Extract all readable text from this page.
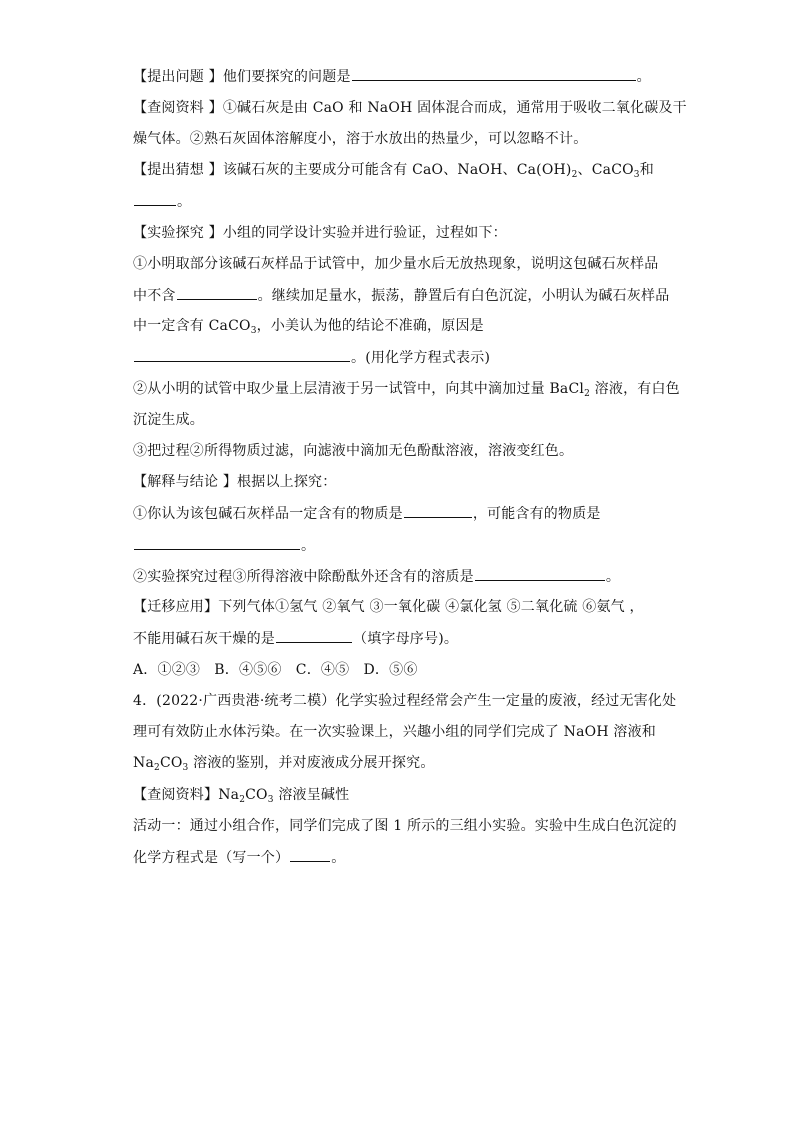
【提出问题 】他们要探究的问题是	。
【查阅资料 】①碱石灰是由 CaO 和 NaOH 固体混合而成，通常用于吸收二氧化碳及干
燥气体。②熟石灰固体溶解度小，溶于水放出的热量少，可以忽略不计。
【提出猜想 】该碱石灰的主要成分可能含有 CaO、NaOH、$Ca(OH)_2$、CaCO$_3$和
。
【实验探究 】小组的同学设计实验并进行验证，过程如下：
①小明取部分该碱石灰样品于试管中，加少量水后无放热现象，说明这包碱石灰样品
中不含	。继续加足量水，振荡，静置后有白色沉淀，小明认为碱石灰样品
中一定含有 CaCO$_3$，小美认为他的结论不准确，原因是
。(用化学方程式表示)
②从小明的试管中取少量上层清液于另一试管中，向其中滴加过量 BaCl$_2$ 溶液，有白色
沉淀生成。
③把过程②所得物质过滤，向滤液中滴加无色酚酞溶液，溶液变红色。
【解释与结论 】根据以上探究：
①你认为该包碱石灰样品一定含有的物质是	，可能含有的物质是
。
②实验探究过程③所得溶液中除酚酞外还含有的溶质是	。
【迁移应用】下列气体①氢气 ②氧气 ③一氧化碳 ④氯化氢 ⑤二氧化硫 ⑥氨气 ，
不能用碱石灰干燥的是	（填字母序号)。
A．①②③　B．④⑤⑥　C．④⑤　D．⑤⑥
4．(2022·广西贵港·统考二模）化学实验过程经常会产生一定量的废液，经过无害化处
理可有效防止水体污染。在一次实验课上，兴趣小组的同学们完成了 NaOH 溶液和
$Na_2CO_3$ 溶液的鉴别，并对废液成分展开探究。
【查阅资料】$Na_2CO_3$ 溶液呈碱性
活动一：通过小组合作，同学们完成了图 1 所示的三组小实验。实验中生成白色沉淀的
化学方程式是（写一个）	。
